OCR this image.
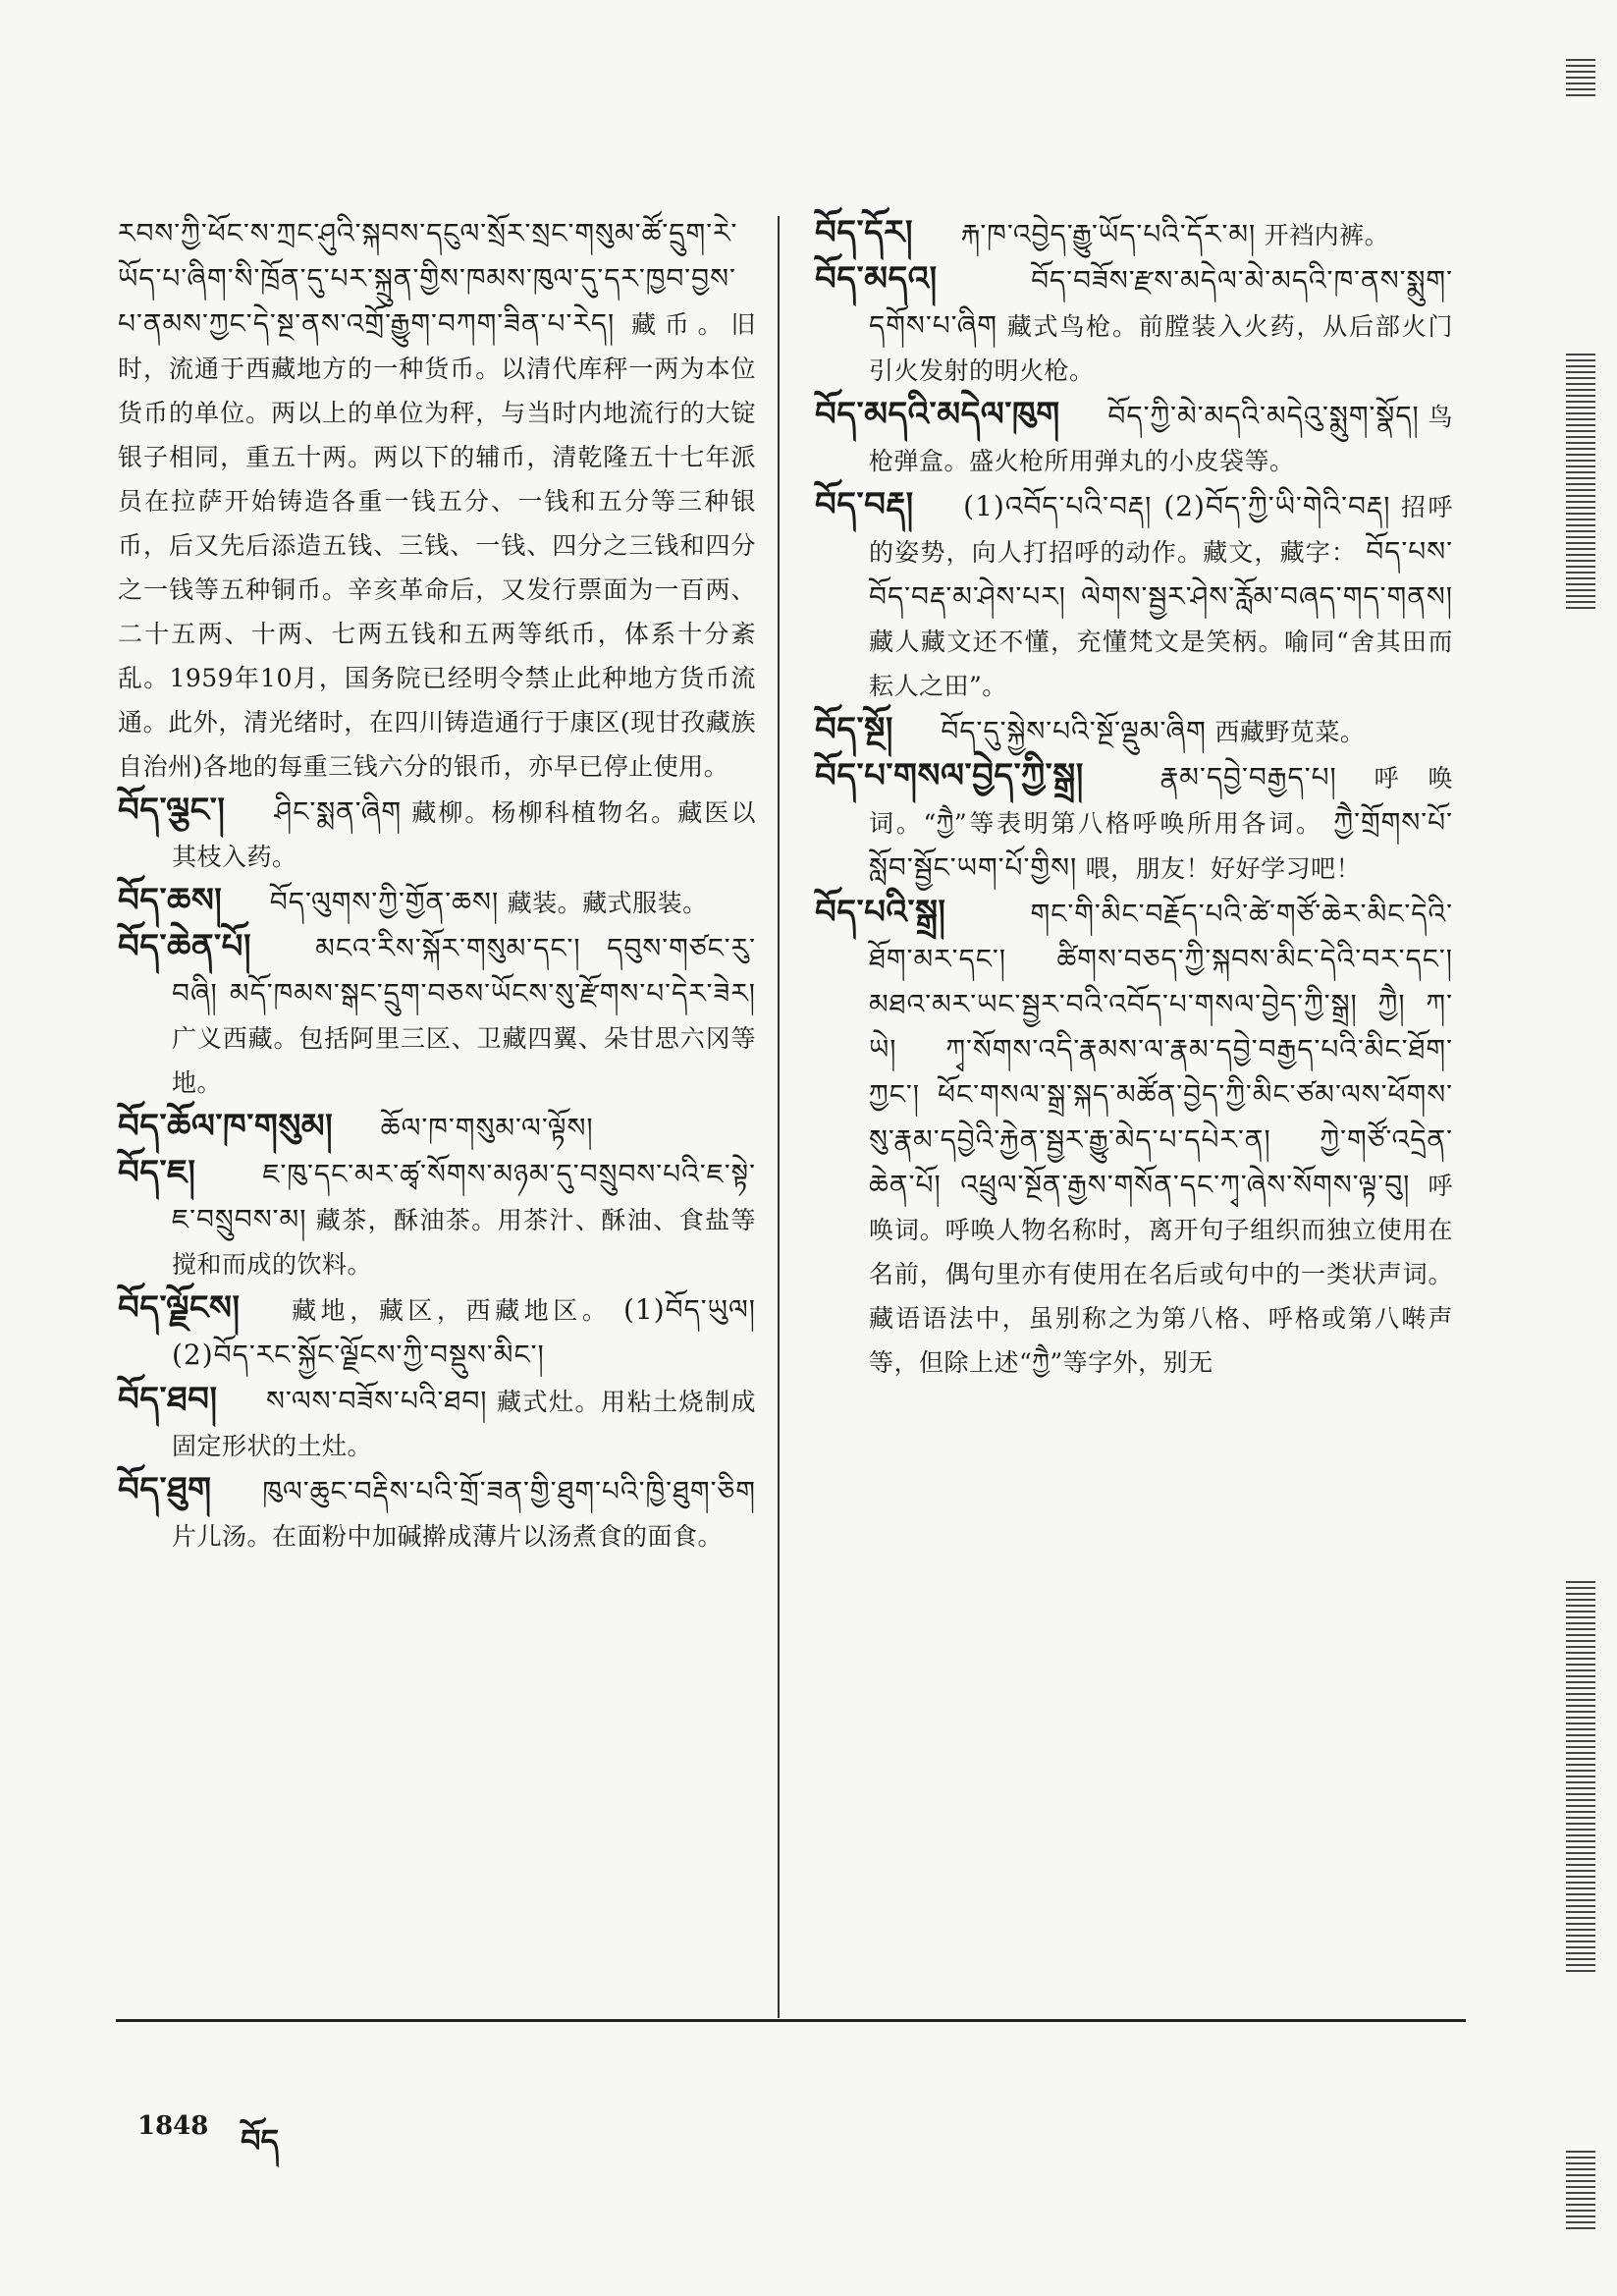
རབས་ཀྱི་ཕོང་ས་ཀྲང་ཤུའི་སྐབས་དངུལ་སྲོར་སྲང་གསུམ་ཚོ་དྲུག་རེ་ཡོད་པ་ཞིག་སི་ཁྲོན་དུ་པར་སྐྲུན་གྱིས་ཁམས་ཁུལ་དུ་དར་ཁྱབ་བྱས་པ་ནམས་ཀྱང་དེ་སྔ་ནས་འགྲོ་རྒྱུག་བཀག་ཟིན་པ་རེད། 藏币。旧时，流通于西藏地方的一种货币。以清代库秤一两为本位货币的单位。两以上的单位为秤，与当时内地流行的大锭银子相同，重五十两。两以下的辅币，清乾隆五十七年派员在拉萨开始铸造各重一钱五分、一钱和五分等三种银币，后又先后添造五钱、三钱、一钱、四分之三钱和四分之一钱等五种铜币。辛亥革命后，又发行票面为一百两、二十五两、十两、七两五钱和五两等纸币，体系十分紊乱。1959年10月，国务院已经明令禁止此种地方货币流通。此外，清光绪时，在四川铸造通行于康区(现甘孜藏族自治州)各地的每重三钱六分的银币，亦早已停止使用。

བོད་ལྕང་། ཤིང་སྨན་ཞིག 藏柳。杨柳科植物名。藏医以其枝入药。

བོད་ཆས། བོད་ལུགས་ཀྱི་གྱོན་ཆས། 藏装。藏式服装。

བོད་ཆེན་པོ། མངའ་རིས་སྐོར་གསུམ་དང་། དབུས་གཙང་རུ་བཞི། མདོ་ཁམས་སྒང་དྲུག་བཅས་ཡོངས་སུ་རྫོགས་པ་དེར་ཟེར། 广义西藏。包括阿里三区、卫藏四翼、朵甘思六冈等地。

བོད་ཆོལ་ཁ་གསུམ། ཆོལ་ཁ་གསུམ་ལ་ལྟོས།

བོད་ཇ། ཇ་ཁུ་དང་མར་ཚྭ་སོགས་མཉམ་དུ་བསྲུབས་པའི་ཇ་སྟེ་ཇ་བསྲུབས་མ། 藏茶，酥油茶。用茶汁、酥油、食盐等搅和而成的饮料。

བོད་ལྗོངས། 藏地，藏区，西藏地区。 (1)བོད་ཡུལ། (2)བོད་རང་སྐྱོང་ལྗོངས་ཀྱི་བསྡུས་མིང་།

བོད་ཐབ། ས་ལས་བཟོས་པའི་ཐབ། 藏式灶。用粘土烧制成固定形状的土灶。

བོད་ཐུག ཁུལ་ཆུང་བརྡིས་པའི་གྲོ་ཟན་གྱི་ཐུག་པའི་ཁྱི་ཐུག་ཅིག 片儿汤。在面粉中加碱擀成薄片以汤煮食的面食。

བོད་དོར། རྐ་ཁ་འབྱེད་རྒྱུ་ཡོད་པའི་དོར་མ། 开裆内裤。

བོད་མདའ།	བོད་བཟོས་རྫས་མདེལ་མེ་མདའི་ཁ་ནས་སྨུག་དགོས་པ་ཞིག 藏式鸟枪。前膛装入火药，从后部火门引火发射的明火枪。

བོད་མདའི་མདེལ་ཁུག བོད་ཀྱི་མེ་མདའི་མདེའུ་སྨུག་སྣོད། 鸟枪弹盒。盛火枪所用弹丸的小皮袋等。

བོད་བརྡ། (1)འབོད་པའི་བརྡ། (2)བོད་ཀྱི་ཡི་གེའི་བརྡ། 招呼的姿势，向人打招呼的动作。藏文，藏字： བོད་པས་བོད་བརྡ་མ་ཤེས་པར། ལེགས་སྦྱར་ཤེས་རློམ་བཞད་གད་གནས། 藏人藏文还不懂，充懂梵文是笑柄。喻同“舍其田而耘人之田”。

བོད་སྔོ། བོད་དུ་སྐྱེས་པའི་སྔོ་ལྡུམ་ཞིག 西藏野苋菜。

བོད་པ་གསལ་བྱེད་ཀྱི་སྒྲ།	རྣམ་དབྱེ་བརྒྱད་པ། 呼唤词。“ཀྱཻ”等表明第八格呼唤所用各词。 ཀྱཻ་གྲོགས་པོ་སློབ་སྦྱོང་ཡག་པོ་གྱིས། 喂，朋友！好好学习吧！

བོད་པའི་སྒྲ།	གང་གི་མིང་བརྗོད་པའི་ཚེ་གཙོ་ཆེར་མིང་དེའི་ཐོག་མར་དང་། ཚིགས་བཅད་ཀྱི་སྐབས་མིང་དེའི་བར་དང་། མཐའ་མར་ཡང་སྦྱར་བའི་འབོད་པ་གསལ་བྱེད་ཀྱི་སྒྲ། ཀྱཻ། ཀ་ཡེ། ཀྭ་སོགས་འདི་རྣམས་ལ་རྣམ་དབྱེ་བརྒྱད་པའི་མིང་ཐོག་ཀྱང་། ཕོང་གསལ་སྒྲ་སྐད་མཚོན་བྱེད་ཀྱི་མིང་ཙམ་ལས་ཕོགས་སུ་རྣམ་དབྱེའི་རྐྱེན་སྦྱར་རྒྱུ་མེད་པ་དཔེར་ན། ཀྱེ་གཙོ་འདྲེན་ཆེན་པོ། འཕྲུལ་སྔོན་རྒྱས་གསོན་དང་ཀྭ་ཞེས་སོགས་ལྟ་བུ། 呼唤词。呼唤人物名称时，离开句子组织而独立使用在名前，偶句里亦有使用在名后或句中的一类状声词。藏语语法中，虽别称之为第八格、呼格或第八啭声等，但除上述“ཀྱཻ”等字外，别无

1848 བོད
